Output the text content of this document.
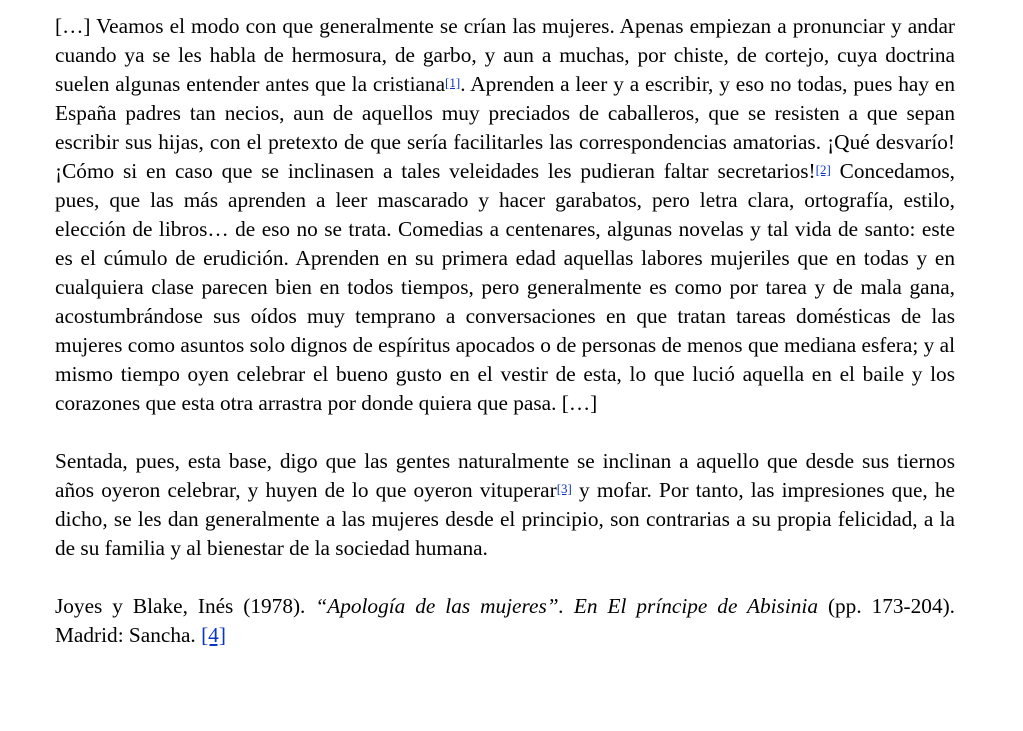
[…] Veamos el modo con que generalmente se crían las mujeres. Apenas empiezan a pronunciar y andar cuando ya se les habla de hermosura, de garbo, y aun a muchas, por chiste, de cortejo, cuya doctrina suelen algunas entender antes que la cristiana[1]. Aprenden a leer y a escribir, y eso no todas, pues hay en España padres tan necios, aun de aquellos muy preciados de caballeros, que se resisten a que sepan escribir sus hijas, con el pretexto de que sería facilitarles las correspondencias amatorias. ¡Qué desvarío! ¡Cómo si en caso que se inclinasen a tales veleidades les pudieran faltar secretarios![2] Concedamos, pues, que las más aprenden a leer mascarado y hacer garabatos, pero letra clara, ortografía, estilo, elección de libros… de eso no se trata. Comedias a centenares, algunas novelas y tal vida de santo: este es el cúmulo de erudición. Aprenden en su primera edad aquellas labores mujeriles que en todas y en cualquiera clase parecen bien en todos tiempos, pero generalmente es como por tarea y de mala gana, acostumbrándose sus oídos muy temprano a conversaciones en que tratan tareas domésticas de las mujeres como asuntos solo dignos de espíritus apocados o de personas de menos que mediana esfera; y al mismo tiempo oyen celebrar el bueno gusto en el vestir de esta, lo que lució aquella en el baile y los corazones que esta otra arrastra por donde quiera que pasa. […]

Sentada, pues, esta base, digo que las gentes naturalmente se inclinan a aquello que desde sus tiernos años oyeron celebrar, y huyen de lo que oyeron vituperar[3] y mofar. Por tanto, las impresiones que, he dicho, se les dan generalmente a las mujeres desde el principio, son contrarias a su propia felicidad, a la de su familia y al bienestar de la sociedad humana.

Joyes y Blake, Inés (1978). “Apología de las mujeres”. En El príncipe de Abisinia (pp. 173-204). Madrid: Sancha. [4]
